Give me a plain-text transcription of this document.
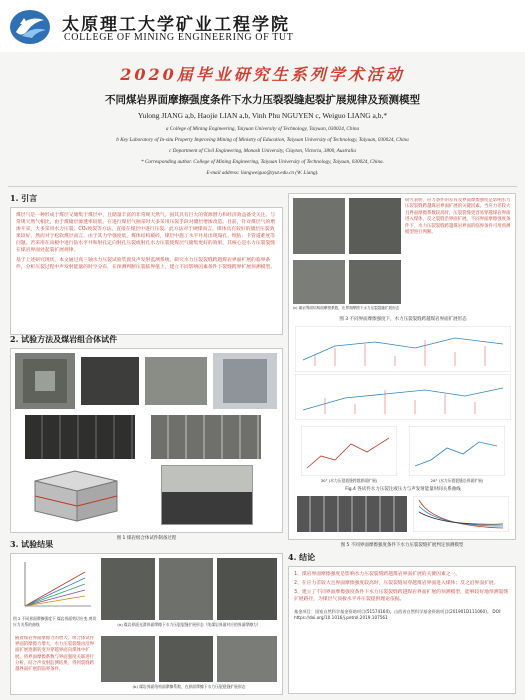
太原理工大学矿业工程学院
COLLEGE OF MINING ENGINEERING OF TUT
2020届毕业研究生系列学术活动
不同煤岩界面摩擦强度条件下水力压裂裂缝起裂扩展规律及预测模型
Yulong JIANG a,b, Haojie LIAN a,b, Vinh Phu NGUYEN c, Weiguo LIANG a,b,*
a College of Mining Engineering, Taiyuan University of Technology, Taiyuan, 030024, China
b Key Laboratory of In-situ Property Improving Mining of Ministry of Education, Taiyuan University of Technology, Taiyuan, 030024, China
c Department of Civil Engineering, Monash University, Clayton, Victoria, 3800, Australia
* Corresponding author. College of Mining Engineering, Taiyuan University of Technology, Taiyuan, 030024, China.
E-mail address: liangweiguo@tyut.edu.cn (W. Liang).
1. 引言
煤层气是一种形成于煤层又储集于煤层中，且储量丰富的非常规天然气。国其具有巨大的资源潜力和经济效益备受关注。与常规天然气相比，由于煤储层渗透率较低，在进行煤层气抽采时大多采用压裂手段对储层增渗改造。目前，针对煤层气的增渗开采，大多采用水力压裂、CO₂致裂等方法，直接在煤层中进行压裂。此方法对于硬煤而言，煤体具有较好的储层压裂效果较好，然而对于松软煤层而言，由于其力学强度低，煤体结构破碎，煤层中施工水平井易出现塌孔、埋钻、卡管道难度等问题。若采用在顶板中进行钻水平井和射孔定向射孔压裂或射孔水力压裂使煤层气储集更好的效果，其核心是水力压裂裂缝在煤岩界面处起裂扩展规律。
基于上述研究现状，本文通过真三轴水力压裂试验装置及声发射监测系统，研究水力压裂裂缝跨越煤岩界面扩展的临界条件，分析压裂过程中声发射能量的时空分布，在预测判断压裂临界值上，建立不同影响因素条件下裂缝跨界扩展预测模型。
2. 试验方法及煤岩组合体试件
图 1 煤岩组合体试件制备过程
3. 试验结果
图 2 不同界面摩擦强度下 煤岩界面剪切应变-剪切应力关系的曲线	(a) 煤岩界面光滑界面摩擦下水力压裂裂缝扩展形态（纯煤岩界面对应的界面摩擦力）
随着煤岩界面摩擦力的增大，组合体试件界面的摩擦力增大，水力压裂裂缝由沿界面扩展逐渐转变为穿越界面向煤体中扩展。将界面摩擦系数与界面强度关联进行分析，结合声发射监测结果，得到裂缝跨越界面扩展的临界条件。
(b) 煤岩界面结构面摩擦系数，在界面摩擦下水力压裂裂缝扩展形态
研究表明，应力条件的差异及界面摩擦强度是影响水力压裂裂缝跨越煤岩界面扩展的关键因素。当应力差较大且界面摩擦系数较高时，压裂裂缝更容易穿越煤岩界面进入煤体，反之裂缝沿界面扩展。不同界面摩擦强度条件下，水力压裂裂缝跨越煤岩界面的临界条件可用预测模型进行判断。
(c) 煤岩界面结构面摩擦系数，在界面摩擦下水力压裂裂缝扩展形态
图 3 不同界面摩擦强度下，水力压裂裂缝跨越煤岩界面扩展形态
30° (水力压裂裂缝跨越界面扩展)	28° (水力压裂裂缝沿界面扩展)
Fig.4 各试件水力压裂注液压力与声发射能量时间关系曲线
图 5 不同界面摩擦强度条件下水力压裂裂缝扩展判定预测模型
4. 结论
1、煤岩界面摩擦强度是影响水力压裂裂缝跨越煤岩界面扩展的关键因素之一。
2、在应力差较大且界面摩擦强度较高时，压裂裂缝易穿越煤岩界面进入煤体；反之沿界面扩展。
3、建立了不同界面摩擦强度条件下水力压裂裂缝跨越煤岩界面扩展的预测模型，能够较好地预测裂缝扩展路径，为煤层气顶板水平井压裂提供理论依据。
基金项目：国家自然科学基金资助项目(51574164)，山西省自然科学基金资助项目(201901D111060)。 DOI: https://doi.org/10.1016/j.petrol.2019.107561
